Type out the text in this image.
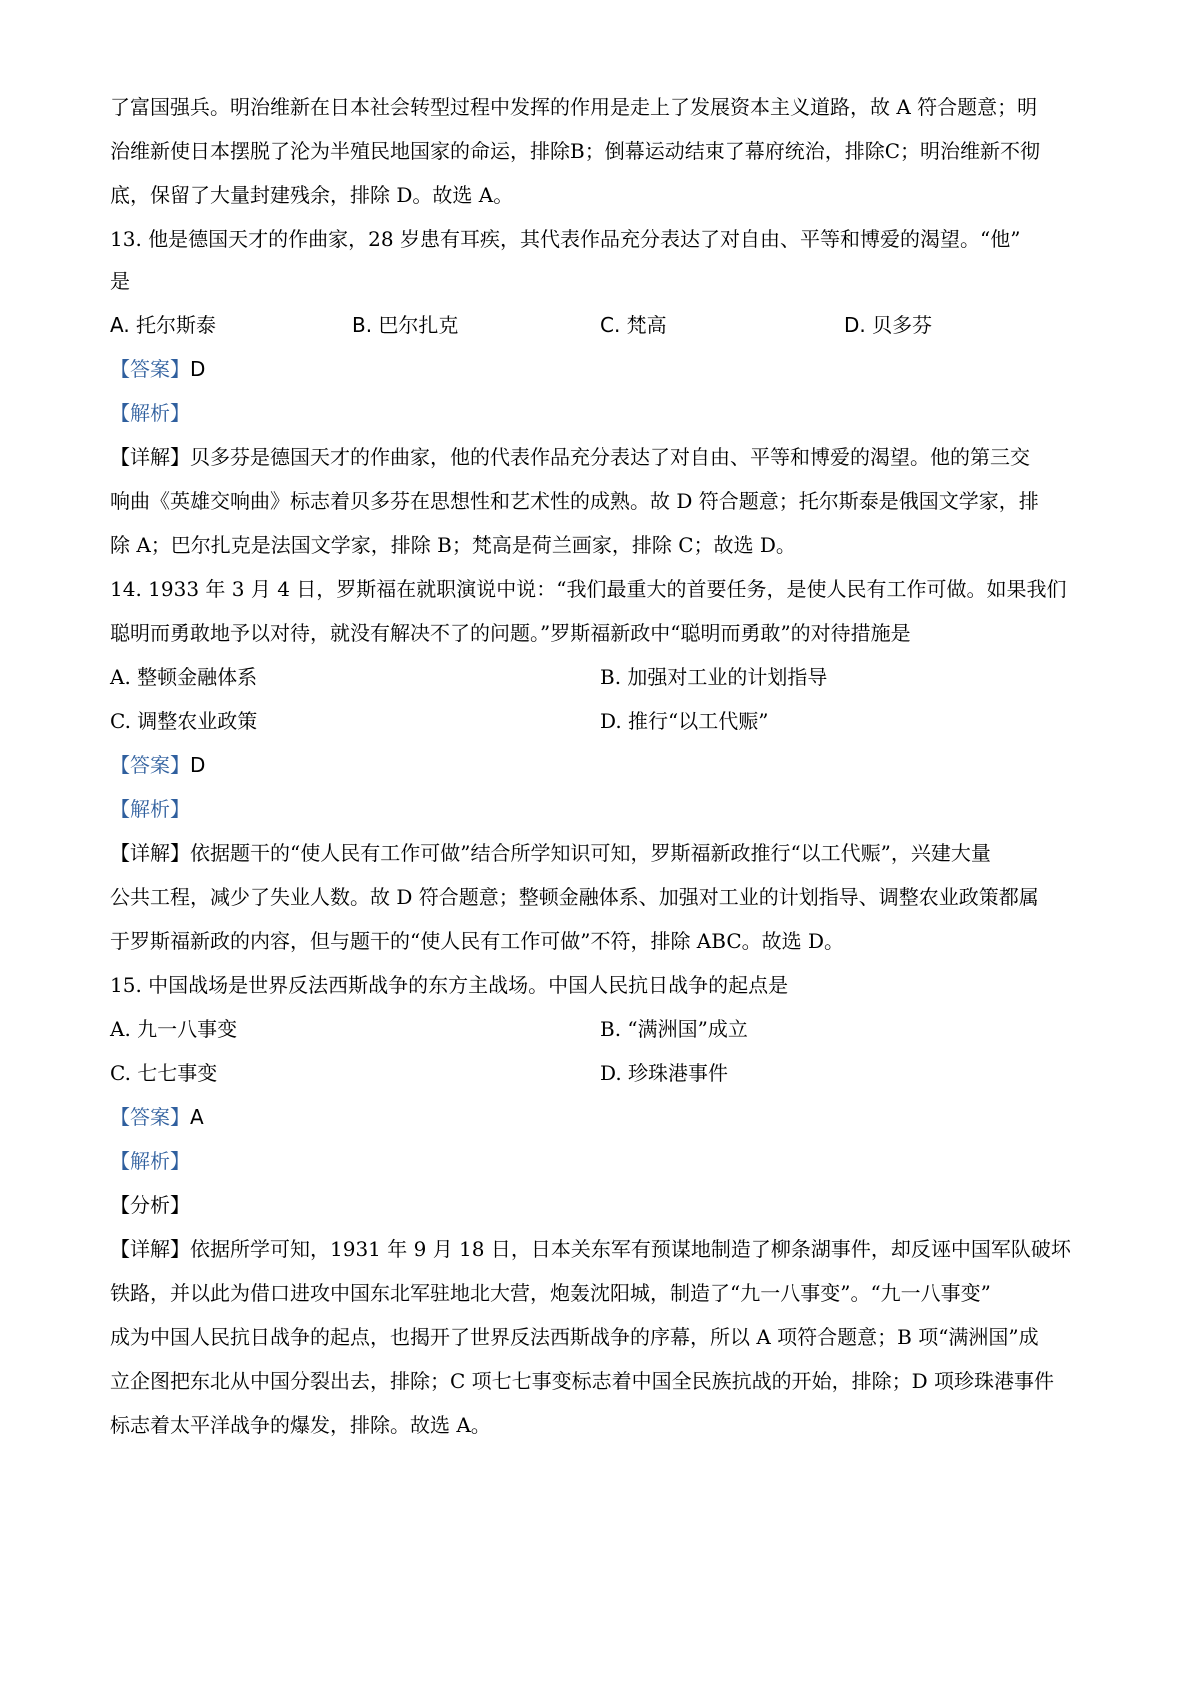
了富国强兵。明治维新在日本社会转型过程中发挥的作用是走上了发展资本主义道路，故 A 符合题意；明
治维新使日本摆脱了沦为半殖民地国家的命运，排除B；倒幕运动结束了幕府统治，排除C；明治维新不彻
底，保留了大量封建残余，排除 D。故选 A。
13. 他是德国天才的作曲家，28 岁患有耳疾，其代表作品充分表达了对自由、平等和博爱的渴望。“他”
是
A. 托尔斯泰	B. 巴尔扎克	C. 梵高	D. 贝多芬
【答案】D
【解析】
【详解】贝多芬是德国天才的作曲家，他的代表作品充分表达了对自由、平等和博爱的渴望。他的第三交
响曲《英雄交响曲》标志着贝多芬在思想性和艺术性的成熟。故 D 符合题意；托尔斯泰是俄国文学家，排
除 A；巴尔扎克是法国文学家，排除 B；梵高是荷兰画家，排除 C；故选 D。
14. 1933 年 3 月 4 日，罗斯福在就职演说中说：“我们最重大的首要任务，是使人民有工作可做。如果我们
聪明而勇敢地予以对待，就没有解决不了的问题。”罗斯福新政中“聪明而勇敢”的对待措施是
A. 整顿金融体系	B. 加强对工业的计划指导
C. 调整农业政策	D. 推行“以工代赈”
【答案】D
【解析】
【详解】依据题干的“使人民有工作可做”结合所学知识可知，罗斯福新政推行“以工代赈”，兴建大量
公共工程，减少了失业人数。故 D 符合题意；整顿金融体系、加强对工业的计划指导、调整农业政策都属
于罗斯福新政的内容，但与题干的“使人民有工作可做”不符，排除 ABC。故选 D。
15. 中国战场是世界反法西斯战争的东方主战场。中国人民抗日战争的起点是
A. 九一八事变	B. “满洲国”成立
C. 七七事变	D. 珍珠港事件
【答案】A
【解析】
【分析】
【详解】依据所学可知，1931 年 9 月 18 日，日本关东军有预谋地制造了柳条湖事件，却反诬中国军队破坏
铁路，并以此为借口进攻中国东北军驻地北大营，炮轰沈阳城，制造了“九一八事变”。“九一八事变”
成为中国人民抗日战争的起点，也揭开了世界反法西斯战争的序幕，所以 A 项符合题意；B 项“满洲国”成
立企图把东北从中国分裂出去，排除；C 项七七事变标志着中国全民族抗战的开始，排除；D 项珍珠港事件
标志着太平洋战争的爆发，排除。故选 A。
